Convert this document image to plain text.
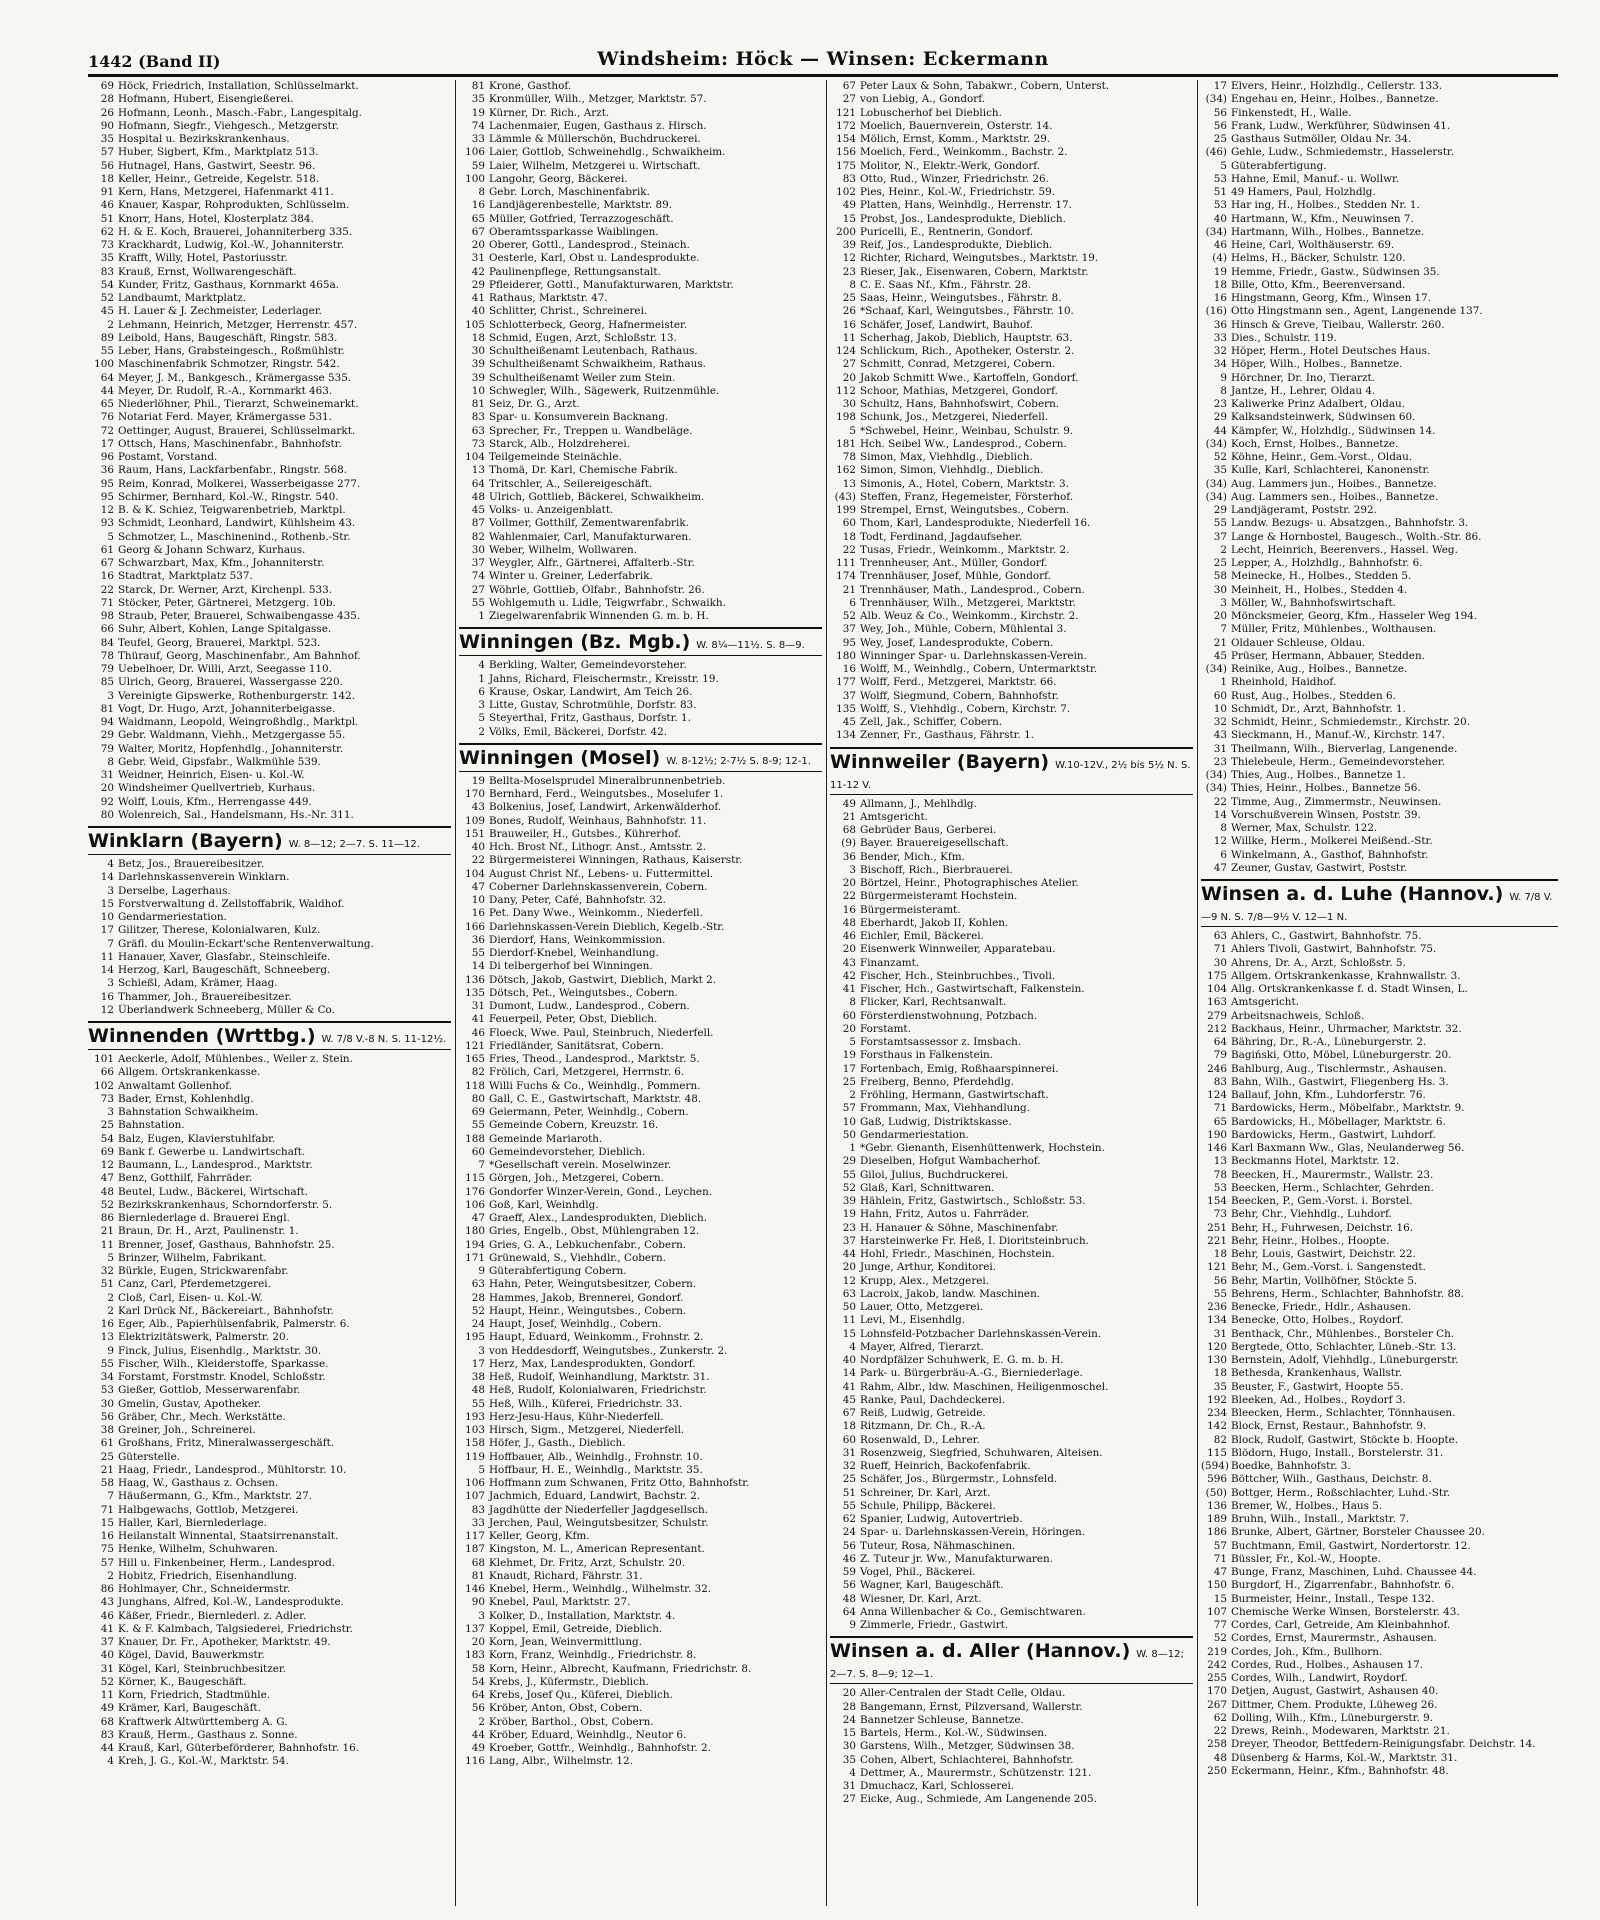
1442 (Band II)	Windsheim: Höck — Winsen: Eckermann
69 Höck, Friedrich, Installation, Schlüsselmarkt.
28 Hofmann, Hubert, Eisengießerei.
26 Hofmann, Leonh., Masch.-Fabr., Langespitalg.
90 Hofmann, Siegfr., Viehgesch., Metzgerstr.
35 Hospital u. Bezirkskrankenhaus.
57 Huber, Sigbert, Kfm., Marktplatz 513.
56 Hutnagel, Hans, Gastwirt, Seestr. 96.
18 Keller, Heinr., Getreide, Kegelstr. 518.
91 Kern, Hans, Metzgerei, Hafenmarkt 411.
46 Knauer, Kaspar, Rohprodukten, Schlüsselm.
51 Knorr, Hans, Hotel, Klosterplatz 384.
62 H. & E. Koch, Brauerei, Johanniterberg 335.
73 Krackhardt, Ludwig, Kol.-W., Johanniterstr.
35 Krafft, Willy, Hotel, Pastoriusstr.
83 Krauß, Ernst, Wollwarengeschäft.
54 Kunder, Fritz, Gasthaus, Kornmarkt 465a.
52 Landbaumt, Marktplatz.
45 H. Lauer & J. Zechmeister, Lederlager.
2 Lehmann, Heinrich, Metzger, Herrenstr. 457.
89 Leibold, Hans, Baugeschäft, Ringstr. 583.
55 Leber, Hans, Grabsteingesch., Roßmühlstr.
100 Maschinenfabrik Schmotzer, Ringstr. 542.
64 Meyer, J. M., Bankgesch., Krämergasse 535.
44 Meyer, Dr. Rudolf, R.-A., Kornmarkt 463.
65 Niederlöhner, Phil., Tierarzt, Schweinemarkt.
76 Notariat Ferd. Mayer, Krämergasse 531.
72 Oettinger, August, Brauerei, Schlüsselmarkt.
17 Ottsch, Hans, Maschinenfabr., Bahnhofstr.
96 Postamt, Vorstand.
36 Raum, Hans, Lackfarbenfabr., Ringstr. 568.
95 Reim, Konrad, Molkerei, Wasserbeigasse 277.
95 Schirmer, Bernhard, Kol.-W., Ringstr. 540.
12 B. & K. Schiez, Teigwarenbetrieb, Marktpl.
93 Schmidt, Leonhard, Landwirt, Kühlsheim 43.
5 Schmotzer, L., Maschinenind., Rothenb.-Str.
61 Georg & Johann Schwarz, Kurhaus.
67 Schwarzbart, Max, Kfm., Johanniterstr.
16 Stadtrat, Marktplatz 537.
22 Starck, Dr. Werner, Arzt, Kirchenpl. 533.
71 Stöcker, Peter, Gärtnerei, Metzgerg. 10b.
98 Straub, Peter, Brauerei, Schwaibengasse 435.
66 Suhr, Albert, Kohlen, Lange Spitalgasse.
84 Teufel, Georg, Brauerei, Marktpl. 523.
78 Thürauf, Georg, Maschinenfabr., Am Bahnhof.
79 Uebelhoer, Dr. Willi, Arzt, Seegasse 110.
85 Ulrich, Georg, Brauerei, Wassergasse 220.
3 Vereinigte Gipswerke, Rothenburgerstr. 142.
81 Vogt, Dr. Hugo, Arzt, Johanniterbeigasse.
94 Waidmann, Leopold, Weingroßhdlg., Marktpl.
29 Gebr. Waldmann, Viehh., Metzgergasse 55.
79 Walter, Moritz, Hopfenhdlg., Johanniterstr.
8 Gebr. Weid, Gipsfabr., Walkmühle 539.
31 Weidner, Heinrich, Eisen- u. Kol.-W.
20 Windsheimer Quellvertrieb, Kurhaus.
92 Wolff, Louis, Kfm., Herrengasse 449.
80 Wolenreich, Sal., Handelsmann, Hs.-Nr. 311.
Winklarn (Bayern) W. 8—12; 2—7. S. 11—12.
4 Betz, Jos., Brauereibesitzer.
14 Darlehnskassenverein Winklarn.
3 Derselbe, Lagerhaus.
15 Forstverwaltung d. Zellstoffabrik, Waldhof.
10 Gendarmeriestation.
17 Gilitzer, Therese, Kolonialwaren, Kulz.
7 Gräfl. du Moulin-Eckart'sche Rentenverwaltung.
11 Hanauer, Xaver, Glasfabr., Steinschleife.
14 Herzog, Karl, Baugeschäft, Schneeberg.
3 Schießl, Adam, Krämer, Haag.
16 Thammer, Joh., Brauereibesitzer.
12 Überlandwerk Schneeberg, Müller & Co.
Winnenden (Wrttbg.) W. 7/8 V.-8 N. S. 11-12½.
101 Aeckerle, Adolf, Mühlenbes., Weiler z. Stein.
66 Allgem. Ortskrankenkasse.
102 Anwaltamt Gollenhof.
73 Bader, Ernst, Kohlenhdlg.
3 Bahnstation Schwaikheim.
25 Bahnstation.
54 Balz, Eugen, Klavierstuhlfabr.
69 Bank f. Gewerbe u. Landwirtschaft.
12 Baumann, L., Landesprod., Marktstr.
47 Benz, Gotthilf, Fahrräder.
48 Beutel, Ludw., Bäckerei, Wirtschaft.
52 Bezirkskrankenhaus, Schorndorferstr. 5.
86 Biernlederlage d. Brauerei Engl.
21 Braun, Dr. H., Arzt, Paulinenstr. 1.
11 Brenner, Josef, Gasthaus, Bahnhofstr. 25.
5 Brinzer, Wilhelm, Fabrikant.
32 Bürkle, Eugen, Strickwarenfabr.
51 Canz, Carl, Pferdemetzgerei.
2 Cloß, Carl, Eisen- u. Kol.-W.
2 Karl Drück Nf., Bäckereiart., Bahnhofstr.
16 Eger, Alb., Papierhülsenfabrik, Palmerstr. 6.
13 Elektrizitätswerk, Palmerstr. 20.
9 Finck, Julius, Eisenhdlg., Marktstr. 30.
55 Fischer, Wilh., Kleiderstoffe, Sparkasse.
34 Forstamt, Forstmstr. Knodel, Schloßstr.
53 Gießer, Gottlob, Messerwarenfabr.
30 Gmelin, Gustav, Apotheker.
56 Gräber, Chr., Mech. Werkstätte.
38 Greiner, Joh., Schreinerei.
61 Großhans, Fritz, Mineralwassergeschäft.
25 Güterstelle.
21 Haag, Friedr., Landesprod., Mühltorstr. 10.
58 Haag, W., Gasthaus z. Ochsen.
7 Häußermann, G., Kfm., Marktstr. 27.
71 Halbgewachs, Gottlob, Metzgerei.
15 Haller, Karl, Biernlederlage.
16 Heilanstalt Winnental, Staatsirrenanstalt.
75 Henke, Wilhelm, Schuhwaren.
57 Hill u. Finkenbeiner, Herm., Landesprod.
2 Hobitz, Friedrich, Eisenhandlung.
86 Hohlmayer, Chr., Schneidermstr.
43 Junghans, Alfred, Kol.-W., Landesprodukte.
46 Käßer, Friedr., Biernlederl. z. Adler.
41 K. & F. Kalmbach, Talgsiederei, Friedrichstr.
37 Knauer, Dr. Fr., Apotheker, Marktstr. 49.
40 Kögel, David, Bauwerkmstr.
31 Kögel, Karl, Steinbruchbesitzer.
52 Körner, K., Baugeschäft.
11 Korn, Friedrich, Stadtmühle.
49 Krämer, Karl, Baugeschäft.
68 Kraftwerk Altwürttemberg A. G.
83 Krauß, Herm., Gasthaus z. Sonne.
44 Krauß, Karl, Güterbeförderer, Bahnhofstr. 16.
4 Kreh, J. G., Kol.-W., Marktstr. 54.
81 Krone, Gasthof.
35 Kronmüller, Wilh., Metzger, Marktstr. 57.
19 Kürner, Dr. Rich., Arzt.
74 Lachenmaier, Eugen, Gasthaus z. Hirsch.
33 Lämmle & Müllerschön, Buchdruckerei.
106 Laier, Gottlob, Schweinehdlg., Schwaikheim.
59 Laier, Wilhelm, Metzgerei u. Wirtschaft.
100 Langohr, Georg, Bäckerei.
8 Gebr. Lorch, Maschinenfabrik.
16 Landjägerenbestelle, Marktstr. 89.
65 Müller, Gotfried, Terrazzogeschäft.
67 Oberamtssparkasse Waiblingen.
20 Oberer, Gottl., Landesprod., Steinach.
31 Oesterle, Karl, Obst u. Landesprodukte.
42 Paulinenpflege, Rettungsanstalt.
29 Pfleiderer, Gottl., Manufakturwaren, Marktstr.
41 Rathaus, Marktstr. 47.
40 Schlitter, Christ., Schreinerei.
105 Schlotterbeck, Georg, Hafnermeister.
18 Schmid, Eugen, Arzt, Schloßstr. 13.
30 Schultheißenamt Leutenbach, Rathaus.
39 Schultheißenamt Schwaikheim, Rathaus.
39 Schultheißenamt Weiler zum Stein.
10 Schwegler, Wilh., Sägewerk, Ruitzenmühle.
81 Seiz, Dr. G., Arzt.
83 Spar- u. Konsumverein Backnang.
63 Sprecher, Fr., Treppen u. Wandbeläge.
73 Starck, Alb., Holzdreherei.
104 Teilgemeinde Steinächle.
13 Thomä, Dr. Karl, Chemische Fabrik.
64 Tritschler, A., Seilereigeschäft.
48 Ulrich, Gottlieb, Bäckerei, Schwaikheim.
45 Volks- u. Anzeigenblatt.
87 Vollmer, Gotthilf, Zementwarenfabrik.
82 Wahlenmaier, Carl, Manufakturwaren.
30 Weber, Wilhelm, Wollwaren.
37 Weygler, Alfr., Gärtnerei, Affalterb.-Str.
74 Winter u. Greiner, Lederfabrik.
27 Wöhrle, Gottlieb, Ölfabr., Bahnhofstr. 26.
55 Wohlgemuth u. Lidle, Teigwrfabr., Schwaikh.
1 Ziegelwarenfabrik Winnenden G. m. b. H.
Winningen (Bz. Mgb.) W. 8¼—11½. S. 8—9.
4 Berkling, Walter, Gemeindevorsteher.
1 Jahns, Richard, Fleischermstr., Kreisstr. 19.
6 Krause, Oskar, Landwirt, Am Teich 26.
3 Litte, Gustav, Schrotmühle, Dorfstr. 83.
5 Steyerthal, Fritz, Gasthaus, Dorfstr. 1.
2 Völks, Emil, Bäckerei, Dorfstr. 42.
Winningen (Mosel) W. 8-12½; 2-7½ S. 8-9; 12-1.
19 Bellta-Moselsprudel Mineralbrunnenbetrieb.
170 Bernhard, Ferd., Weingutsbes., Moselufer 1.
43 Bolkenius, Josef, Landwirt, Arkenwälderhof.
109 Bones, Rudolf, Weinhaus, Bahnhofstr. 11.
151 Brauweiler, H., Gutsbes., Kührerhof.
40 Hch. Brost Nf., Lithogr. Anst., Amtsstr. 2.
22 Bürgermeisterei Winningen, Rathaus, Kaiserstr.
104 August Christ Nf., Lebens- u. Futtermittel.
47 Coberner Darlehnskassenverein, Cobern.
10 Dany, Peter, Café, Bahnhofstr. 32.
16 Pet. Dany Wwe., Weinkomm., Niederfell.
166 Darlehnskassen-Verein Dieblich, Kegelb.-Str.
36 Dierdorf, Hans, Weinkommission.
55 Dierdorf-Knebel, Weinhandlung.
14 Di telbergerhof bei Winningen.
136 Dötsch, Jakob, Gastwirt, Dieblich, Markt 2.
135 Dötsch, Pet., Weingutsbes., Cobern.
31 Dumont, Ludw., Landesprod., Cobern.
41 Feuerpeil, Peter, Obst, Dieblich.
46 Floeck, Wwe. Paul, Steinbruch, Niederfell.
121 Friedländer, Sanitätsrat, Cobern.
165 Fries, Theod., Landesprod., Marktstr. 5.
82 Frölich, Carl, Metzgerei, Herrnstr. 6.
118 Willi Fuchs & Co., Weinhdlg., Pommern.
80 Gall, C. E., Gastwirtschaft, Marktstr. 48.
69 Geiermann, Peter, Weinhdlg., Cobern.
55 Gemeinde Cobern, Kreuzstr. 16.
188 Gemeinde Mariaroth.
60 Gemeindevorsteher, Dieblich.
7 *Gesellschaft verein. Moselwinzer.
115 Görgen, Joh., Metzgerei, Cobern.
176 Gondorfer Winzer-Verein, Gond., Leychen.
106 Goß, Karl, Weinhdlg.
47 Graeff, Alex., Landesprodukten, Dieblich.
180 Gries, Engelb., Obst, Mühlengraben 12.
194 Gries, G. A., Lebkuchenfabr., Cobern.
171 Grünewald, S., Viehhdlr., Cobern.
9 Güterabfertigung Cobern.
63 Hahn, Peter, Weingutsbesitzer, Cobern.
28 Hammes, Jakob, Brennerei, Gondorf.
52 Haupt, Heinr., Weingutsbes., Cobern.
24 Haupt, Josef, Weinhdlg., Cobern.
195 Haupt, Eduard, Weinkomm., Frohnstr. 2.
3 von Heddesdorff, Weingutsbes., Zunkerstr. 2.
17 Herz, Max, Landesprodukten, Gondorf.
38 Heß, Rudolf, Weinhandlung, Marktstr. 31.
48 Heß, Rudolf, Kolonialwaren, Friedrichstr.
55 Heß, Wilh., Küferei, Friedrichstr. 33.
193 Herz-Jesu-Haus, Kühr-Niederfell.
103 Hirsch, Sigm., Metzgerei, Niederfell.
158 Höfer, J., Gasth., Dieblich.
119 Hoffbauer, Alb., Weinhdlg., Frohnstr. 10.
5 Hoffbaur, H. E., Weinhdlg., Marktstr. 35.
106 Hoffmann zum Schwanen, Fritz Otto, Bahnhofstr.
107 Jachmich, Eduard, Landwirt, Bachstr. 2.
83 Jagdhütte der Niederfeller Jagdgesellsch.
33 Jerchen, Paul, Weingutsbesitzer, Schulstr.
117 Keller, Georg, Kfm.
187 Kingston, M. L., American Representant.
68 Klehmet, Dr. Fritz, Arzt, Schulstr. 20.
81 Knaudt, Richard, Fährstr. 31.
146 Knebel, Herm., Weinhdlg., Wilhelmstr. 32.
90 Knebel, Paul, Marktstr. 27.
3 Kolker, D., Installation, Marktstr. 4.
137 Koppel, Emil, Getreide, Dieblich.
20 Korn, Jean, Weinvermittlung.
183 Korn, Franz, Weinhdlg., Friedrichstr. 8.
58 Korn, Heinr., Albrecht, Kaufmann, Friedrichstr. 8.
54 Krebs, J., Küfermstr., Dieblich.
64 Krebs, Josef Qu., Küferei, Dieblich.
56 Kröber, Anton, Obst, Cobern.
2 Kröber, Barthol., Obst, Cobern.
44 Kröber, Eduard, Weinhdlg., Neutor 6.
49 Kroeber, Gottfr., Weinhdlg., Bahnhofstr. 2.
116 Lang, Albr., Wilhelmstr. 12.
67 Peter Laux & Sohn, Tabakwr., Cobern, Unterst.
27 von Liebig, A., Gondorf.
121 Lobuscherhof bei Dieblich.
172 Moelich, Bauernverein, Osterstr. 14.
154 Mölich, Ernst, Komm., Marktstr. 29.
156 Moelich, Ferd., Weinkomm., Bachstr. 2.
175 Molitor, N., Elektr.-Werk, Gondorf.
83 Otto, Rud., Winzer, Friedrichstr. 26.
102 Pies, Heinr., Kol.-W., Friedrichstr. 59.
49 Platten, Hans, Weinhdlg., Herrenstr. 17.
15 Probst, Jos., Landesprodukte, Dieblich.
200 Puricelli, E., Rentnerin, Gondorf.
39 Reif, Jos., Landesprodukte, Dieblich.
12 Richter, Richard, Weingutsbes., Marktstr. 19.
23 Rieser, Jak., Eisenwaren, Cobern, Marktstr.
8 C. E. Saas Nf., Kfm., Fährstr. 28.
25 Saas, Heinr., Weingutsbes., Fährstr. 8.
26 *Schaaf, Karl, Weingutsbes., Fährstr. 10.
16 Schäfer, Josef, Landwirt, Bauhof.
11 Scherhag, Jakob, Dieblich, Hauptstr. 63.
124 Schlickum, Rich., Apotheker, Osterstr. 2.
27 Schmitt, Conrad, Metzgerei, Cobern.
20 Jakob Schmitt Wwe., Kartoffeln, Gondorf.
112 Schoor, Mathias, Metzgerei, Gondorf.
30 Schultz, Hans, Bahnhofswirt, Cobern.
198 Schunk, Jos., Metzgerei, Niederfell.
5 *Schwebel, Heinr., Weinbau, Schulstr. 9.
181 Hch. Seibel Ww., Landesprod., Cobern.
78 Simon, Max, Viehhdlg., Dieblich.
162 Simon, Simon, Viehhdlg., Dieblich.
13 Simonis, A., Hotel, Cobern, Marktstr. 3.
(43) Steffen, Franz, Hegemeister, Försterhof.
199 Strempel, Ernst, Weingutsbes., Cobern.
60 Thom, Karl, Landesprodukte, Niederfell 16.
18 Todt, Ferdinand, Jagdaufseher.
22 Tusas, Friedr., Weinkomm., Marktstr. 2.
111 Trennheuser, Ant., Müller, Gondorf.
174 Trennhäuser, Josef, Mühle, Gondorf.
21 Trennhäuser, Math., Landesprod., Cobern.
6 Trennhäuser, Wilh., Metzgerei, Marktstr.
52 Alb. Weuz & Co., Weinkomm., Kirchstr. 2.
37 Wey, Joh., Mühle, Cobern, Mühlental 3.
95 Wey, Josef, Landesprodukte, Cobern.
180 Winninger Spar- u. Darlehnskassen-Verein.
16 Wolff, M., Weinhdlg., Cobern, Untermarktstr.
177 Wolff, Ferd., Metzgerei, Marktstr. 66.
37 Wolff, Siegmund, Cobern, Bahnhofstr.
135 Wolff, S., Viehhdlg., Cobern, Kirchstr. 7.
45 Zell, Jak., Schiffer, Cobern.
134 Zenner, Fr., Gasthaus, Fährstr. 1.
Winnweiler (Bayern) W.10-12V., 2½ bis 5½ N. S. 11-12 V.
49 Allmann, J., Mehlhdlg.
21 Amtsgericht.
68 Gebrüder Baus, Gerberei.
(9) Bayer. Brauereigesellschaft.
36 Bender, Mich., Kfm.
3 Bischoff, Rich., Bierbrauerei.
20 Börtzel, Heinr., Photographisches Atelier.
22 Bürgermeisteramt Hochstein.
16 Bürgermeisteramt.
48 Eberhardt, Jakob II, Kohlen.
46 Eichler, Emil, Bäckerei.
20 Eisenwerk Winnweiler, Apparatebau.
43 Finanzamt.
42 Fischer, Hch., Steinbruchbes., Tivoli.
41 Fischer, Hch., Gastwirtschaft, Falkenstein.
8 Flicker, Karl, Rechtsanwalt.
60 Försterdienstwohnung, Potzbach.
20 Forstamt.
5 Forstamtsassessor z. Imsbach.
19 Forsthaus in Falkenstein.
17 Fortenbach, Emig, Roßhaarspinnerei.
25 Freiberg, Benno, Pferdehdlg.
2 Fröhling, Hermann, Gastwirtschaft.
57 Frommann, Max, Viehhandlung.
10 Gaß, Ludwig, Distriktskasse.
50 Gendarmeriestation.
1 *Gebr. Gienanth, Eisenhüttenwerk, Hochstein.
29 Dieselben, Hofgut Wambacherhof.
55 Giloi, Julius, Buchdruckerei.
52 Glaß, Karl, Schnittwaren.
39 Hählein, Fritz, Gastwirtsch., Schloßstr. 53.
19 Hahn, Fritz, Autos u. Fahrräder.
23 H. Hanauer & Söhne, Maschinenfabr.
37 Harsteinwerke Fr. Heß, I. Dioritsteinbruch.
44 Hohl, Friedr., Maschinen, Hochstein.
20 Junge, Arthur, Konditorei.
12 Krupp, Alex., Metzgerei.
63 Lacroix, Jakob, landw. Maschinen.
50 Lauer, Otto, Metzgerei.
11 Levi, M., Eisenhdlg.
15 Lohnsfeld-Potzbacher Darlehnskassen-Verein.
4 Mayer, Alfred, Tierarzt.
40 Nordpfälzer Schuhwerk, E. G. m. b. H.
14 Park- u. Bürgerbräu-A.-G., Bierniederlage.
41 Rahm, Albr., ldw. Maschinen, Heiligenmoschel.
45 Ranke, Paul, Dachdeckerei.
67 Reiß, Ludwig, Getreide.
18 Ritzmann, Dr. Ch., R.-A.
60 Rosenwald, D., Lehrer.
31 Rosenzweig, Siegfried, Schuhwaren, Alteisen.
32 Rueff, Heinrich, Backofenfabrik.
25 Schäfer, Jos., Bürgermstr., Lohnsfeld.
51 Schreiner, Dr. Karl, Arzt.
55 Schule, Philipp, Bäckerei.
62 Spanier, Ludwig, Autovertrieb.
24 Spar- u. Darlehnskassen-Verein, Höringen.
56 Tuteur, Rosa, Nähmaschinen.
46 Z. Tuteur jr. Ww., Manufakturwaren.
59 Vogel, Phil., Bäckerei.
56 Wagner, Karl, Baugeschäft.
48 Wiesner, Dr. Karl, Arzt.
64 Anna Willenbacher & Co., Gemischtwaren.
9 Zimmerle, Friedr., Gastwirt.
Winsen a. d. Aller (Hannov.) W. 8—12; 2—7. S. 8—9; 12—1.
20 Aller-Centralen der Stadt Celle, Oldau.
28 Bangemann, Ernst, Pilzversand, Wallerstr.
24 Bannetzer Schleuse, Bannetze.
15 Bartels, Herm., Kol.-W., Südwinsen.
30 Garstens, Wilh., Metzger, Südwinsen 38.
35 Cohen, Albert, Schlachterei, Bahnhofstr.
4 Dettmer, A., Maurermstr., Schützenstr. 121.
31 Dmuchacz, Karl, Schlosserei.
27 Eicke, Aug., Schmiede, Am Langenende 205.
17 Elvers, Heinr., Holzhdlg., Cellerstr. 133.
(34) Engehau en, Heinr., Holbes., Bannetze.
56 Finkenstedt, H., Walle.
56 Frank, Ludw., Werkführer, Südwinsen 41.
25 Gasthaus Sutmöller, Oldau Nr. 34.
(46) Gehle, Ludw., Schmiedemstr., Hasselerstr.
5 Güterabfertigung.
53 Hahne, Emil, Manuf.- u. Wollwr.
51 49 Hamers, Paul, Holzhdlg.
53 Har ing, H., Holbes., Stedden Nr. 1.
40 Hartmann, W., Kfm., Neuwinsen 7.
(34) Hartmann, Wilh., Holbes., Bannetze.
46 Heine, Carl, Wolthäuserstr. 69.
(4) Helms, H., Bäcker, Schulstr. 120.
19 Hemme, Friedr., Gastw., Südwinsen 35.
18 Bille, Otto, Kfm., Beerenversand.
16 Hingstmann, Georg, Kfm., Winsen 17.
(16) Otto Hingstmann sen., Agent, Langenende 137.
36 Hinsch & Greve, Tieibau, Wallerstr. 260.
33 Dies., Schulstr. 119.
32 Höper, Herm., Hotel Deutsches Haus.
34 Höper, Wilh., Holbes., Bannetze.
9 Hörchner, Dr. Ino, Tierarzt.
8 Jantze, H., Lehrer, Oldau 4.
23 Kaliwerke Prinz Adalbert, Oldau.
29 Kalksandsteinwerk, Südwinsen 60.
44 Kämpfer, W., Holzhdlg., Südwinsen 14.
(34) Koch, Ernst, Holbes., Bannetze.
52 Köhne, Heinr., Gem.-Vorst., Oldau.
35 Kulle, Karl, Schlachterei, Kanonenstr.
(34) Aug. Lammers jun., Hoibes., Bannetze.
(34) Aug. Lammers sen., Hoibes., Bannetze.
29 Landjägeramt, Poststr. 292.
55 Landw. Bezugs- u. Absatzgen., Bahnhofstr. 3.
37 Lange & Hornbostel, Baugesch., Wolth.-Str. 86.
2 Lecht, Heinrich, Beerenvers., Hassel. Weg.
25 Lepper, A., Holzhdlg., Bahnhofstr. 6.
58 Meinecke, H., Holbes., Stedden 5.
30 Meinheit, H., Holbes., Stedden 4.
3 Möller, W., Bahnhofswirtschaft.
20 Möncksmeier, Georg, Kfm., Hasseler Weg 194.
7 Müller, Fritz, Mühlenbes., Wolthausen.
21 Oldauer Schleuse, Oldau.
45 Prüser, Hermann, Abbauer, Stedden.
(34) Reinike, Aug., Holbes., Bannetze.
1 Rheinhold, Haidhof.
60 Rust, Aug., Holbes., Stedden 6.
10 Schmidt, Dr., Arzt, Bahnhofstr. 1.
32 Schmidt, Heinr., Schmiedemstr., Kirchstr. 20.
43 Sieckmann, H., Manuf.-W., Kirchstr. 147.
31 Theilmann, Wilh., Bierverlag, Langenende.
23 Thielebeule, Herm., Gemeindevorsteher.
(34) Thies, Aug., Holbes., Bannetze 1.
(34) Thies, Heinr., Holbes., Bannetze 56.
22 Timme, Aug., Zimmermstr., Neuwinsen.
14 Vorschußverein Winsen, Poststr. 39.
8 Werner, Max, Schulstr. 122.
12 Willke, Herm., Molkerei Meißend.-Str.
6 Winkelmann, A., Gasthof, Bahnhofstr.
47 Zeuner, Gustav, Gastwirt, Poststr.
Winsen a. d. Luhe (Hannov.) W. 7/8 V.—9 N. S. 7/8—9½ V. 12—1 N.
63 Ahlers, C., Gastwirt, Bahnhofstr. 75.
71 Ahlers Tivoli, Gastwirt, Bahnhofstr. 75.
30 Ahrens, Dr. A., Arzt, Schloßstr. 5.
175 Allgem. Ortskrankenkasse, Krahnwallstr. 3.
104 Allg. Ortskrankenkasse f. d. Stadt Winsen, L.
163 Amtsgericht.
279 Arbeitsnachweis, Schloß.
212 Backhaus, Heinr., Uhrmacher, Marktstr. 32.
64 Bähring, Dr., R.-A., Lüneburgerstr. 2.
79 Bagiński, Otto, Möbel, Lüneburgerstr. 20.
246 Bahlburg, Aug., Tischlermstr., Ashausen.
83 Bahn, Wilh., Gastwirt, Fliegenberg Hs. 3.
124 Ballauf, John, Kfm., Luhdorferstr. 76.
71 Bardowicks, Herm., Möbelfabr., Marktstr. 9.
65 Bardowicks, H., Möbellager, Marktstr. 6.
190 Bardowicks, Herm., Gastwirt, Luhdorf.
146 Karl Baxmann Ww., Glas, Neulanderweg 56.
13 Beckmanns Hotel, Marktstr. 12.
78 Beecken, H., Maurermstr., Wallstr. 23.
53 Beecken, Herm., Schlachter, Gehrden.
154 Beecken, P., Gem.-Vorst. i. Borstel.
73 Behr, Chr., Viehhdlg., Luhdorf.
251 Behr, H., Fuhrwesen, Deichstr. 16.
221 Behr, Heinr., Holbes., Hoopte.
18 Behr, Louis, Gastwirt, Deichstr. 22.
121 Behr, M., Gem.-Vorst. i. Sangenstedt.
56 Behr, Martin, Vollhöfner, Stöckte 5.
55 Behrens, Herm., Schlachter, Bahnhofstr. 88.
236 Benecke, Friedr., Hdlr., Ashausen.
134 Benecke, Otto, Holbes., Roydorf.
31 Benthack, Chr., Mühlenbes., Borsteler Ch.
120 Bergtede, Otto, Schlachter, Lüneb.-Str. 13.
130 Bernstein, Adolf, Viehhdlg., Lüneburgerstr.
18 Bethesda, Krankenhaus, Wallstr.
35 Beuster, F., Gastwirt, Hoopte 55.
192 Bleeken, Ad., Holbes., Roydorf 3.
234 Bleecken, Herm., Schlachter, Tönnhausen.
142 Block, Ernst, Restaur., Bahnhofstr. 9.
82 Block, Rudolf, Gastwirt, Stöckte b. Hoopte.
115 Blödorn, Hugo, Install., Borstelerstr. 31.
(594) Boedke, Bahnhofstr. 3.
596 Böttcher, Wilh., Gasthaus, Deichstr. 8.
(50) Bottger, Herm., Roßschlachter, Luhd.-Str.
136 Bremer, W., Holbes., Haus 5.
189 Bruhn, Wilh., Install., Marktstr. 7.
186 Brunke, Albert, Gärtner, Borsteler Chaussee 20.
57 Buchtmann, Emil, Gastwirt, Nordertorstr. 12.
71 Büssler, Fr., Kol.-W., Hoopte.
47 Bunge, Franz, Maschinen, Luhd. Chaussee 44.
150 Burgdorf, H., Zigarrenfabr., Bahnhofstr. 6.
15 Burmeister, Heinr., Install., Tespe 132.
107 Chemische Werke Winsen, Borstelerstr. 43.
77 Cordes, Carl, Getreide, Am Kleinbahnhof.
52 Cordes, Ernst, Maurermstr., Ashausen.
219 Cordes, Joh., Kfm., Bullhorn.
242 Cordes, Rud., Holbes., Ashausen 17.
255 Cordes, Wilh., Landwirt, Roydorf.
170 Detjen, August, Gastwirt, Ashausen 40.
267 Dittmer, Chem. Produkte, Lüheweg 26.
62 Dolling, Wilh., Kfm., Lüneburgerstr. 9.
22 Drews, Reinh., Modewaren, Marktstr. 21.
258 Dreyer, Theodor, Bettfedern-Reinigungsfabr. Deichstr. 14.
48 Düsenberg & Harms, Kol.-W., Marktstr. 31.
250 Eckermann, Heinr., Kfm., Bahnhofstr. 48.
